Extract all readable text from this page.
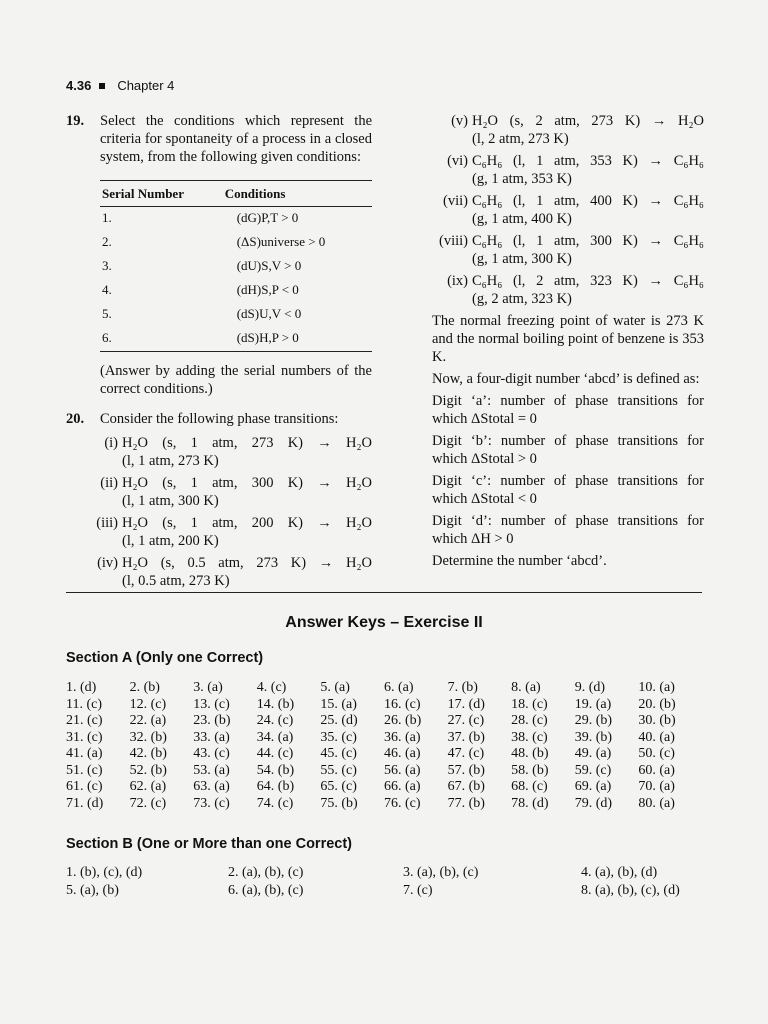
4.36 Chapter 4
19.	Select the conditions which represent the criteria for spontaneity of a process in a closed system, from the following given conditions:
Serial Number	Conditions
1.	(dG)P,T > 0
2.	(ΔS)universe > 0
3.	(dU)S,V > 0
4.	(dH)S,P < 0
5.	(dS)U,V < 0
6.	(dS)H,P > 0
(Answer by adding the serial numbers of the correct conditions.)
20.	Consider the following phase transitions:
(i) H₂O (s, 1 atm, 273 K) → H₂O
(l, 1 atm, 273 K)
(ii) H₂O (s, 1 atm, 300 K) → H₂O
(l, 1 atm, 300 K)
(iii) H₂O (s, 1 atm, 200 K) → H₂O
(l, 1 atm, 200 K)
(iv) H₂O (s, 0.5 atm, 273 K) → H₂O
(l, 0.5 atm, 273 K)
(v) H₂O (s, 2 atm, 273 K) → H₂O
(l, 2 atm, 273 K)
(vi) C₆H₆ (l, 1 atm, 353 K) → C₆H₆
(g, 1 atm, 353 K)
(vii) C₆H₆ (l, 1 atm, 400 K) → C₆H₆
(g, 1 atm, 400 K)
(viii) C₆H₆ (l, 1 atm, 300 K) → C₆H₆
(g, 1 atm, 300 K)
(ix) C₆H₆ (l, 2 atm, 323 K) → C₆H₆
(g, 2 atm, 323 K)
The normal freezing point of water is 273 K and the normal boiling point of benzene is 353 K.
Now, a four-digit number ‘abcd’ is defined as:
Digit ‘a’: number of phase transitions for which ΔStotal = 0
Digit ‘b’: number of phase transitions for which ΔStotal > 0
Digit ‘c’: number of phase transitions for which ΔStotal < 0
Digit ‘d’: number of phase transitions for which ΔH > 0
Determine the number ‘abcd’.
Answer Keys – Exercise II
Section A (Only one Correct)
1. (d)	2. (b)	3. (a)	4. (c)	5. (a)	6. (a)	7. (b)	8. (a)	9. (d)	10. (a)
11. (c)	12. (c)	13. (c)	14. (b)	15. (a)	16. (c)	17. (d)	18. (c)	19. (a)	20. (b)
21. (c)	22. (a)	23. (b)	24. (c)	25. (d)	26. (b)	27. (c)	28. (c)	29. (b)	30. (b)
31. (c)	32. (b)	33. (a)	34. (a)	35. (c)	36. (a)	37. (b)	38. (c)	39. (b)	40. (a)
41. (a)	42. (b)	43. (c)	44. (c)	45. (c)	46. (a)	47. (c)	48. (b)	49. (a)	50. (c)
51. (c)	52. (b)	53. (a)	54. (b)	55. (c)	56. (a)	57. (b)	58. (b)	59. (c)	60. (a)
61. (c)	62. (a)	63. (a)	64. (b)	65. (c)	66. (a)	67. (b)	68. (c)	69. (a)	70. (a)
71. (d)	72. (c)	73. (c)	74. (c)	75. (b)	76. (c)	77. (b)	78. (d)	79. (d)	80. (a)
Section B (One or More than one Correct)
1. (b), (c), (d)	2. (a), (b), (c)	3. (a), (b), (c)	4. (a), (b), (d)
5. (a), (b)	6. (a), (b), (c)	7. (c)	8. (a), (b), (c), (d)
